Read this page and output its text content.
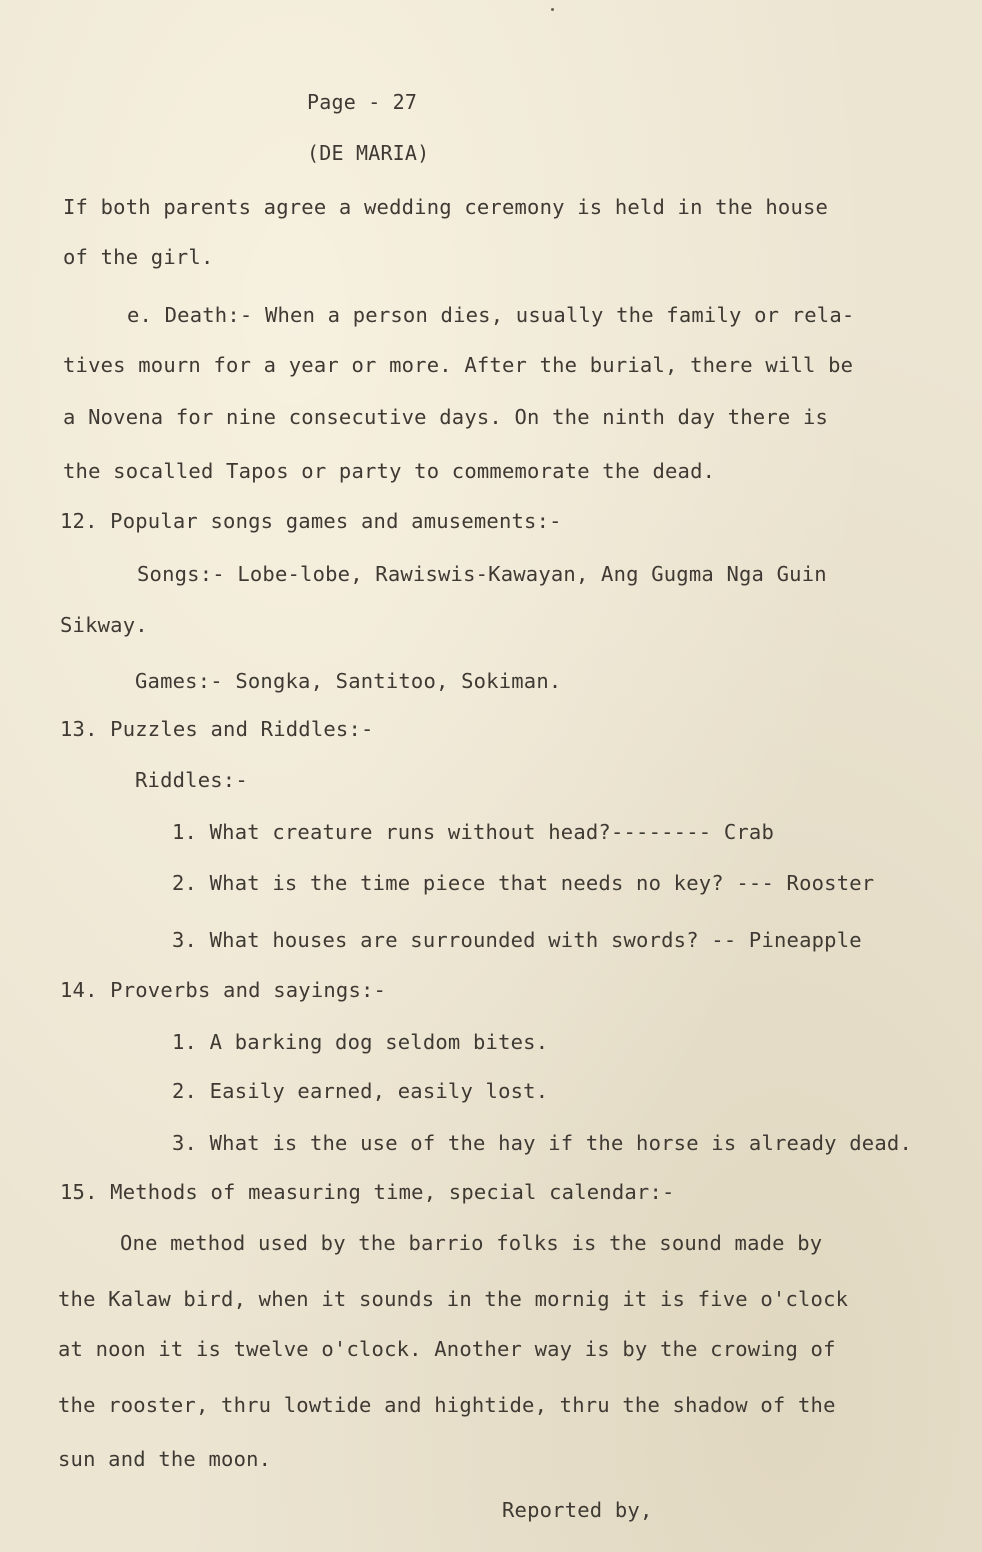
Page - 27
(DE MARIA)
If both parents agree a wedding ceremony is held in the house
of the girl.
e. Death:- When a person dies, usually the family or rela-
tives mourn for a year or more. After the burial, there will be
a Novena for nine consecutive days. On the ninth day there is
the socalled Tapos or party to commemorate the dead.
12. Popular songs games and amusements:-
Songs:- Lobe-lobe, Rawiswis-Kawayan, Ang Gugma Nga Guin
Sikway.
Games:- Songka, Santitoo, Sokiman.
13. Puzzles and Riddles:-
Riddles:-
1. What creature runs without head?-------- Crab
2. What is the time piece that needs no key? --- Rooster
3. What houses are surrounded with swords? -- Pineapple
14. Proverbs and sayings:-
1. A barking dog seldom bites.
2. Easily earned, easily lost.
3. What is the use of the hay if the horse is already dead.
15. Methods of measuring time, special calendar:-
One method used by the barrio folks is the sound made by
the Kalaw bird, when it sounds in the mornig it is five o'clock
at noon it is twelve o'clock. Another way is by the crowing of
the rooster, thru lowtide and hightide, thru the shadow of the
sun and the moon.
Reported by,
